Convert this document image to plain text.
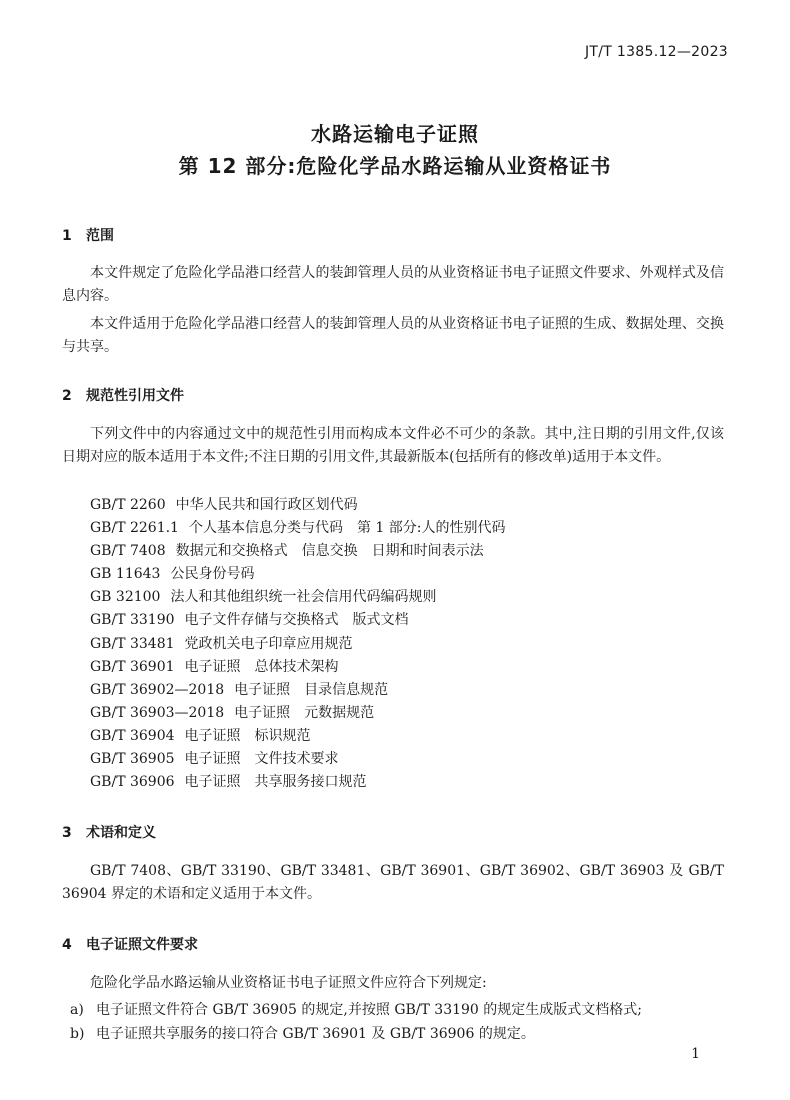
JT/T 1385.12—2023
水路运输电子证照
第 12 部分:危险化学品水路运输从业资格证书
1 范围

本文件规定了危险化学品港口经营人的装卸管理人员的从业资格证书电子证照文件要求、外观样式及信息内容。

本文件适用于危险化学品港口经营人的装卸管理人员的从业资格证书电子证照的生成、数据处理、交换与共享。

2 规范性引用文件

下列文件中的内容通过文中的规范性引用而构成本文件必不可少的条款。其中,注日期的引用文件,仅该日期对应的版本适用于本文件;不注日期的引用文件,其最新版本(包括所有的修改单)适用于本文件。

GB/T 2260 中华人民共和国行政区划代码
GB/T 2261.1 个人基本信息分类与代码 第 1 部分:人的性别代码
GB/T 7408 数据元和交换格式 信息交换 日期和时间表示法
GB 11643 公民身份号码
GB 32100 法人和其他组织统一社会信用代码编码规则
GB/T 33190 电子文件存储与交换格式 版式文档
GB/T 33481 党政机关电子印章应用规范
GB/T 36901 电子证照 总体技术架构
GB/T 36902—2018 电子证照 目录信息规范
GB/T 36903—2018 电子证照 元数据规范
GB/T 36904 电子证照 标识规范
GB/T 36905 电子证照 文件技术要求
GB/T 36906 电子证照 共享服务接口规范
3 术语和定义

GB/T 7408、GB/T 33190、GB/T 33481、GB/T 36901、GB/T 36902、GB/T 36903 及 GB/T 36904 界定的术语和定义适用于本文件。

4 电子证照文件要求

危险化学品水路运输从业资格证书电子证照文件应符合下列规定:

a) 电子证照文件符合 GB/T 36905 的规定,并按照 GB/T 33190 的规定生成版式文档格式;
b) 电子证照共享服务的接口符合 GB/T 36901 及 GB/T 36906 的规定。
1
